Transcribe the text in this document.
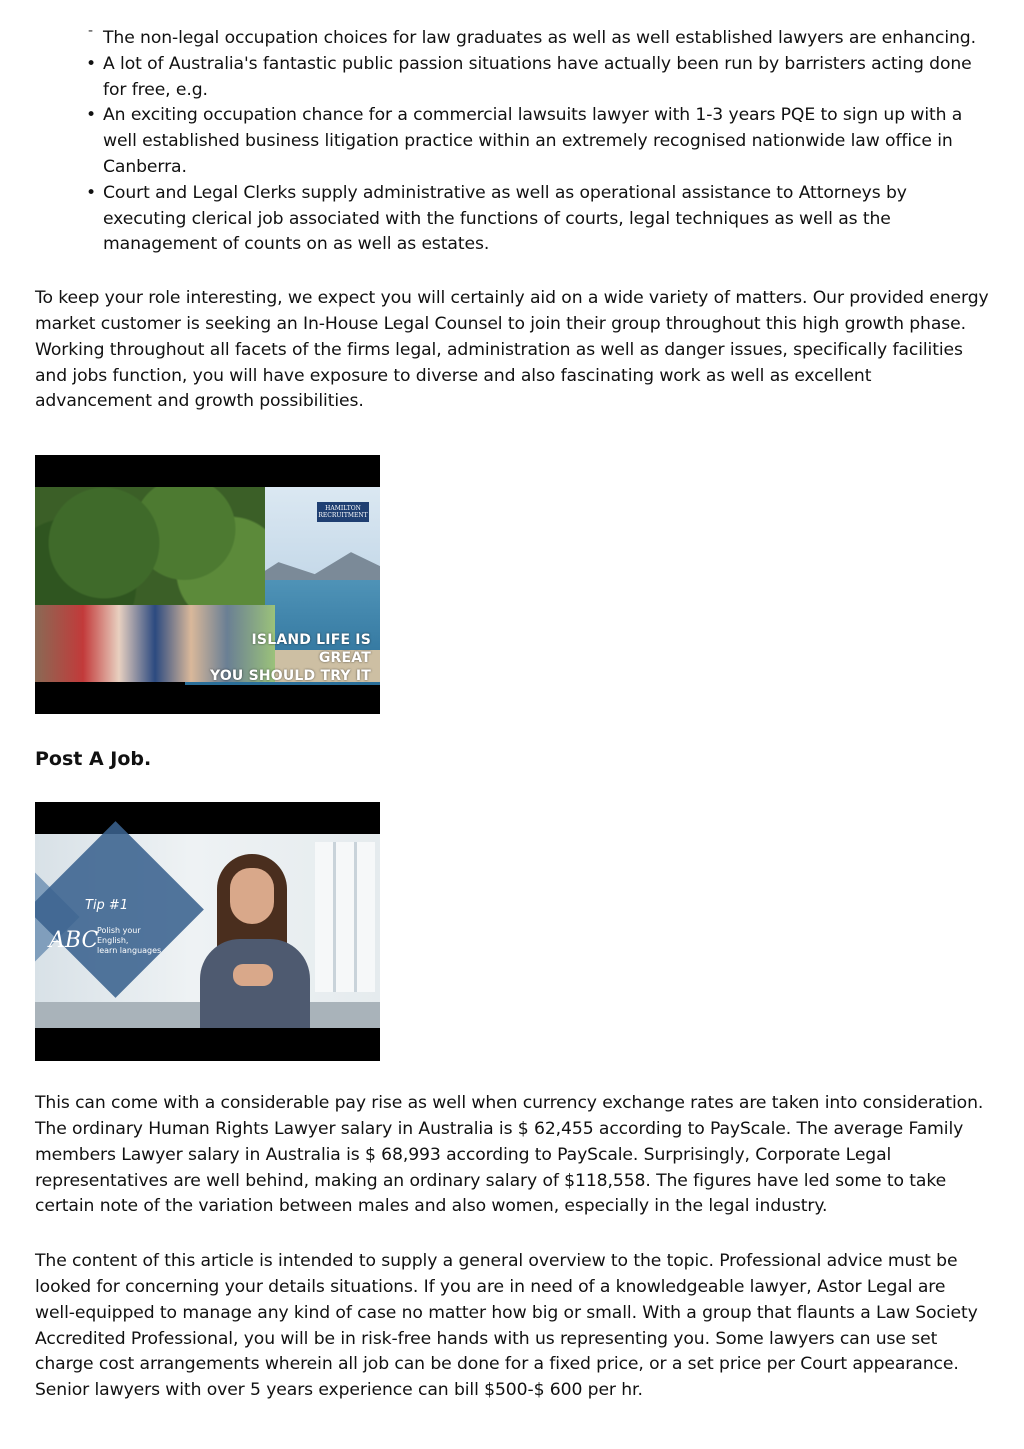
- The non-legal occupation choices for law graduates as well as well established lawyers are enhancing.
• A lot of Australia's fantastic public passion situations have actually been run by barristers acting done for free, e.g.
• An exciting occupation chance for a commercial lawsuits lawyer with 1-3 years PQE to sign up with a well established business litigation practice within an extremely recognised nationwide law office in Canberra.
• Court and Legal Clerks supply administrative as well as operational assistance to Attorneys by executing clerical job associated with the functions of courts, legal techniques as well as the management of counts on as well as estates.

To keep your role interesting, we expect you will certainly aid on a wide variety of matters. Our provided energy market customer is seeking an In-House Legal Counsel to join their group throughout this high growth phase. Working throughout all facets of the firms legal, administration as well as danger issues, specifically facilities and jobs function, you will have exposure to diverse and also fascinating work as well as excellent advancement and growth possibilities.

HAMILTON
RECRUITMENT
ISLAND LIFE IS GREAT
YOU SHOULD TRY IT
Post A Job.
Tip #1
ABC
Polish your
English,
learn languages

This can come with a considerable pay rise as well when currency exchange rates are taken into consideration. The ordinary Human Rights Lawyer salary in Australia is $ 62,455 according to PayScale. The average Family members Lawyer salary in Australia is $ 68,993 according to PayScale. Surprisingly, Corporate Legal representatives are well behind, making an ordinary salary of $118,558. The figures have led some to take certain note of the variation between males and also women, especially in the legal industry.

The content of this article is intended to supply a general overview to the topic. Professional advice must be looked for concerning your details situations. If you are in need of a knowledgeable lawyer, Astor Legal are well-equipped to manage any kind of case no matter how big or small. With a group that flaunts a Law Society Accredited Professional, you will be in risk-free hands with us representing you. Some lawyers can use set charge cost arrangements wherein all job can be done for a fixed price, or a set price per Court appearance. Senior lawyers with over 5 years experience can bill $500-$ 600 per hr.
